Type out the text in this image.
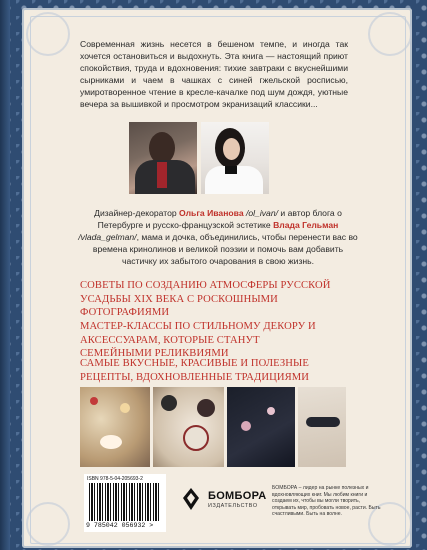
Современная жизнь несется в бешеном темпе, и иногда так хочется остановиться и выдохнуть. Эта книга — настоящий приют спокойствия, труда и вдохновения: тихие завтраки с вкуснейшими сырниками и чаем в чашках с синей гжельской росписью, умиротворенное чтение в кресле-качалке под шум дождя, уютные вечера за вышивкой и просмотром экранизаций классики...

Дизайнер-декоратор Ольга Иванова /ol_ivan/ и автор блога о Петербурге и русско-французской эстетике Влада Гельман /vlada_gelman/, мама и дочка, объединились, чтобы перенести вас во времена кринолинов и великой поэзии и помочь вам добавить частичку их забытого очарования в свою жизнь.

СОВЕТЫ ПО СОЗДАНИЮ АТМОСФЕРЫ РУССКОЙ УСАДЬБЫ XIX ВЕКА С РОСКОШНЫМИ ФОТОГРАФИЯМИ

МАСТЕР-КЛАССЫ ПО СТИЛЬНОМУ ДЕКОРУ И АКСЕССУАРАМ, КОТОРЫЕ СТАНУТ СЕМЕЙНЫМИ РЕЛИКВИЯМИ

САМЫЕ ВКУСНЫЕ, КРАСИВЫЕ И ПОЛЕЗНЫЕ РЕЦЕПТЫ, ВДОХНОВЛЕННЫЕ ТРАДИЦИЯМИ

ISBN 978-5-04-205693-2
9 785042 056932 >
БОМБОРА
ИЗДАТЕЛЬСТВО
БОМБОРА – лидер на рынке полезных и вдохновляющих книг. Мы любим книги и создаем их, чтобы вы могли творить, открывать мир, пробовать новое, расти. Быть счастливыми. Быть на волне.
